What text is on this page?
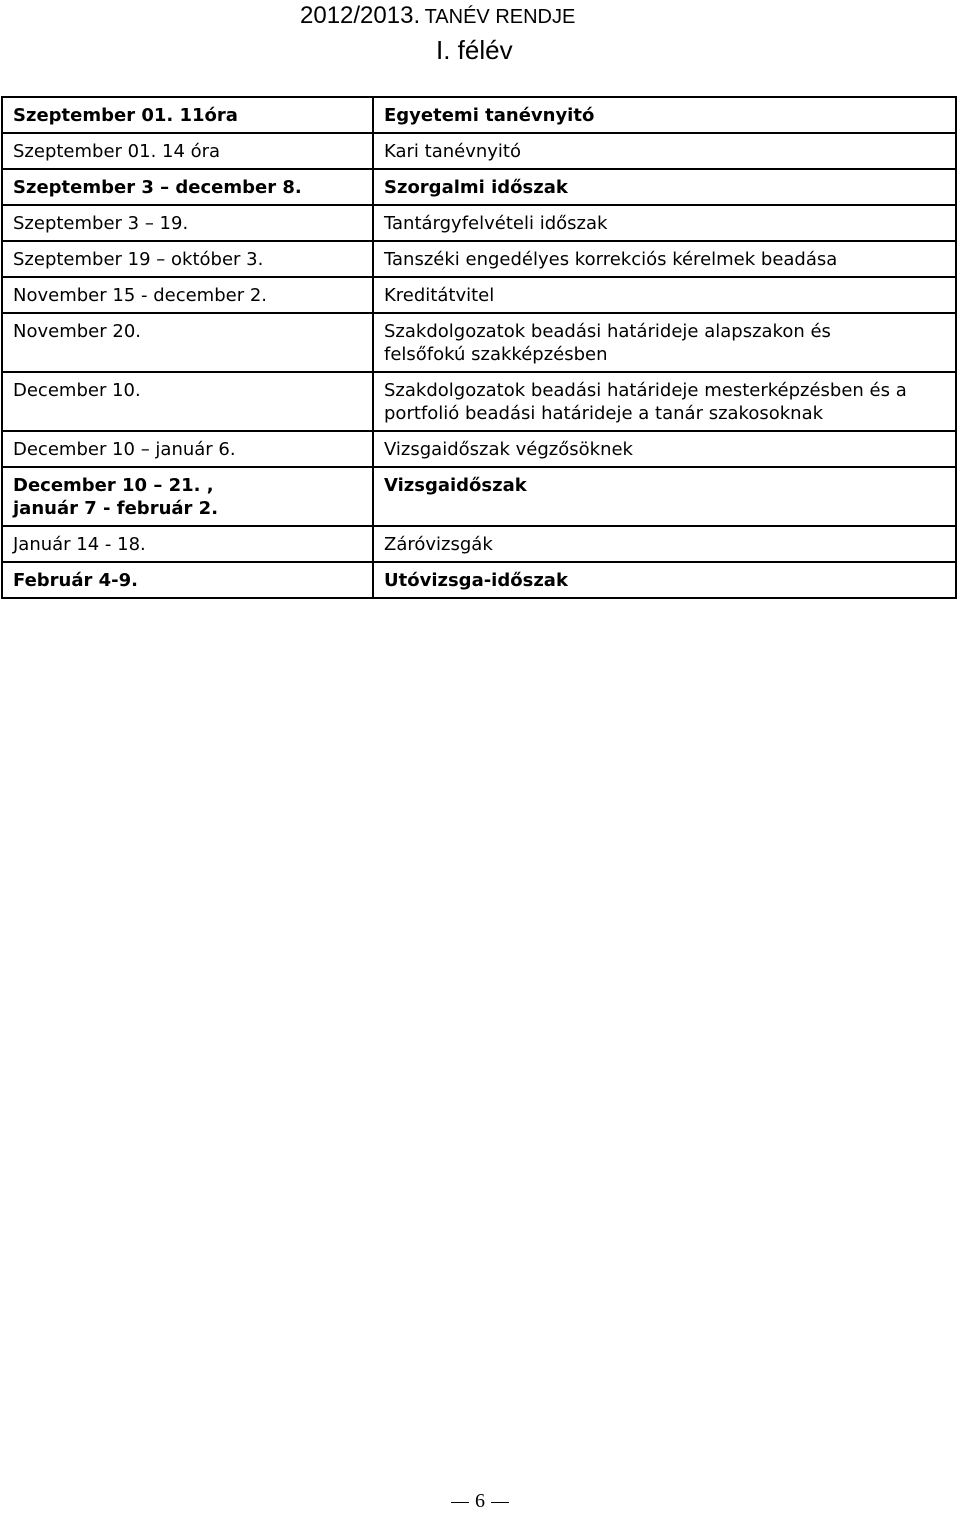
2012/2013. TANÉV RENDJE
I. félév
Szeptember 01. 11óra	Egyetemi tanévnyitó
Szeptember 01. 14 óra	Kari tanévnyitó
Szeptember 3 – december 8.	Szorgalmi időszak
Szeptember 3 – 19.	Tantárgyfelvételi időszak
Szeptember 19 – október 3.	Tanszéki engedélyes korrekciós kérelmek beadása
November 15 - december 2.	Kreditátvitel
November 20.	Szakdolgozatok beadási határideje alapszakon és
felsőfokú szakképzésben

December 10.	Szakdolgozatok beadási határideje mesterképzésben és a
portfolió beadási határideje a tanár szakosoknak

December 10 – január 6.	Vizsgaidőszak végzősöknek

December 10 – 21. ,
január 7 - február 2.	Vizsgaidőszak
Január 14 - 18.	Záróvizsgák
Február 4-9.	Utóvizsga-időszak
6
